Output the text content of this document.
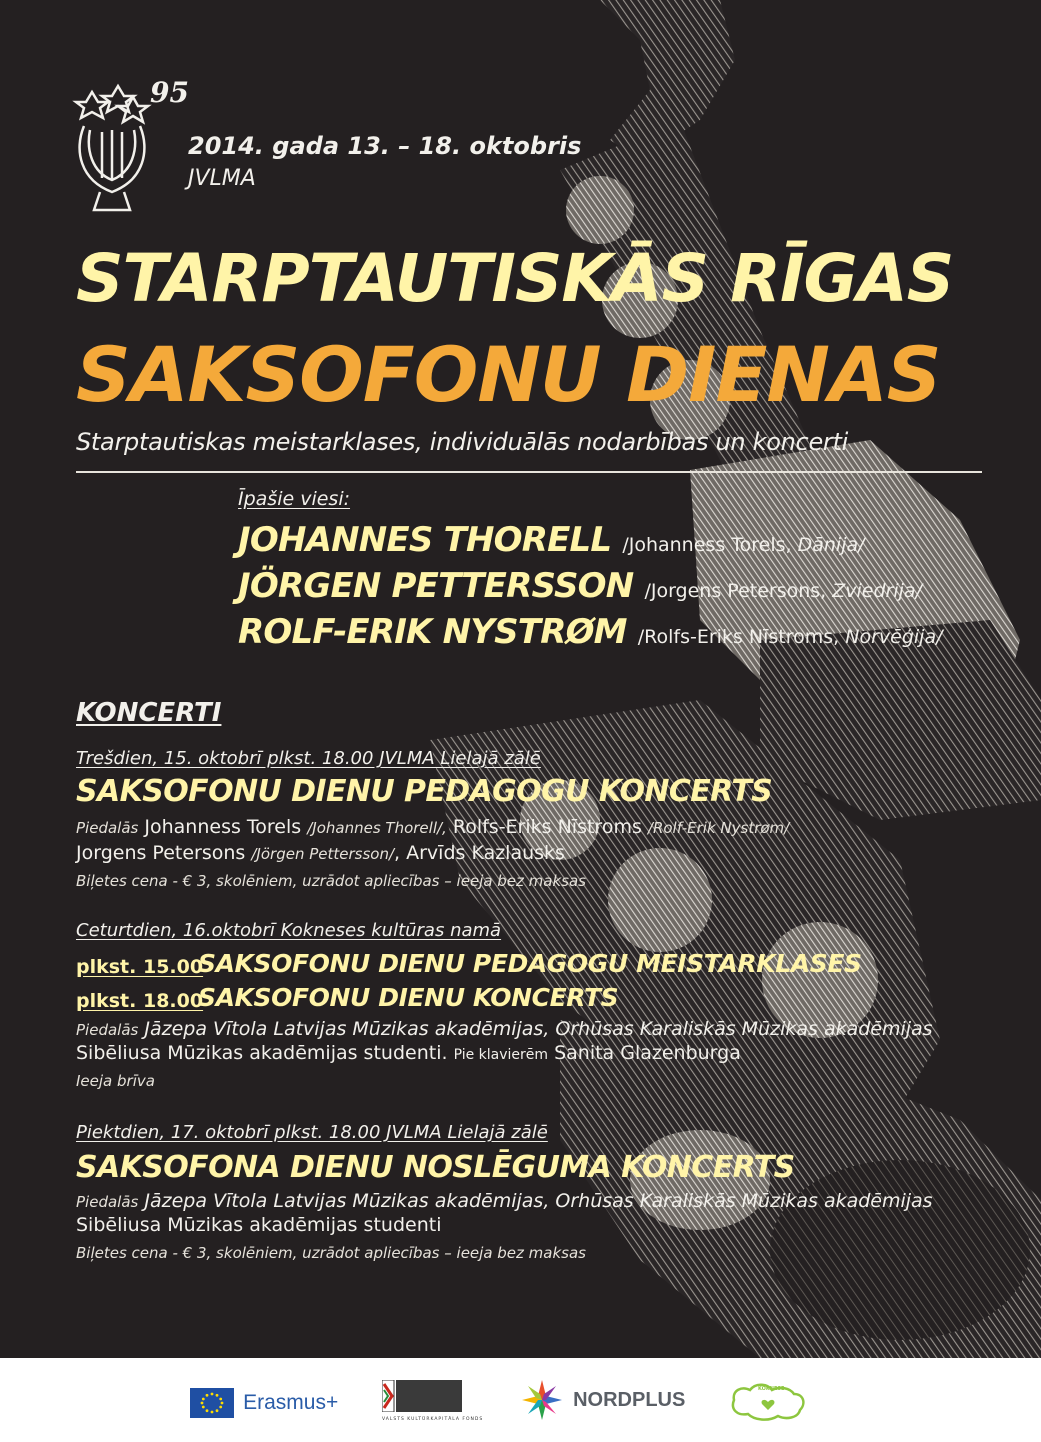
95
2014. gada 13. – 18. oktobris
JVLMA
STARPTAUTISKĀS RĪGAS
SAKSOFONU DIENAS
Starptautiskas meistarklases, individuālās nodarbības un koncerti
Īpašie viesi:
JOHANNES THORELL /Johanness Torels, Dānija/
JÖRGEN PETTERSSON /Jorgens Petersons, Zviedrija/
ROLF-ERIK NYSTRØM /Rolfs-Eriks Nīstroms, Norvēģija/
KONCERTI
Trešdien, 15. oktobrī plkst. 18.00 JVLMA Lielajā zālē
SAKSOFONU DIENU PEDAGOGU KONCERTS
Piedalās Johanness Torels /Johannes Thorell/, Rolfs-Eriks Nīstroms /Rolf-Erik Nystrøm/
Jorgens Petersons /Jörgen Pettersson/, Arvīds Kazlausks
Biļetes cena - € 3, skolēniem, uzrādot apliecības – ieeja bez maksas
Ceturtdien, 16.oktobrī Kokneses kultūras namā
plkst. 15.00
SAKSOFONU DIENU PEDAGOGU MEISTARKLASES
plkst. 18.00
SAKSOFONU DIENU KONCERTS
Piedalās Jāzepa Vītola Latvijas Mūzikas akadēmijas, Orhūsas Karaliskās Mūzikas akadēmijas
Sibēliusa Mūzikas akadēmijas studenti. Pie klavierēm Sanita Glazenburga
Ieeja brīva
Piektdien, 17. oktobrī plkst. 18.00 JVLMA Lielajā zālē
SAKSOFONA DIENU NOSLĒGUMA KONCERTS
Piedalās Jāzepa Vītola Latvijas Mūzikas akadēmijas, Orhūsas Karaliskās Mūzikas akadēmijas
Sibēliusa Mūzikas akadēmijas studenti
Biļetes cena - € 3, skolēniem, uzrādot apliecības – ieeja bez maksas
Erasmus+
VALSTS KULTŪRKAPITĀLA FONDS
NORDPLUS	KOKNESE
